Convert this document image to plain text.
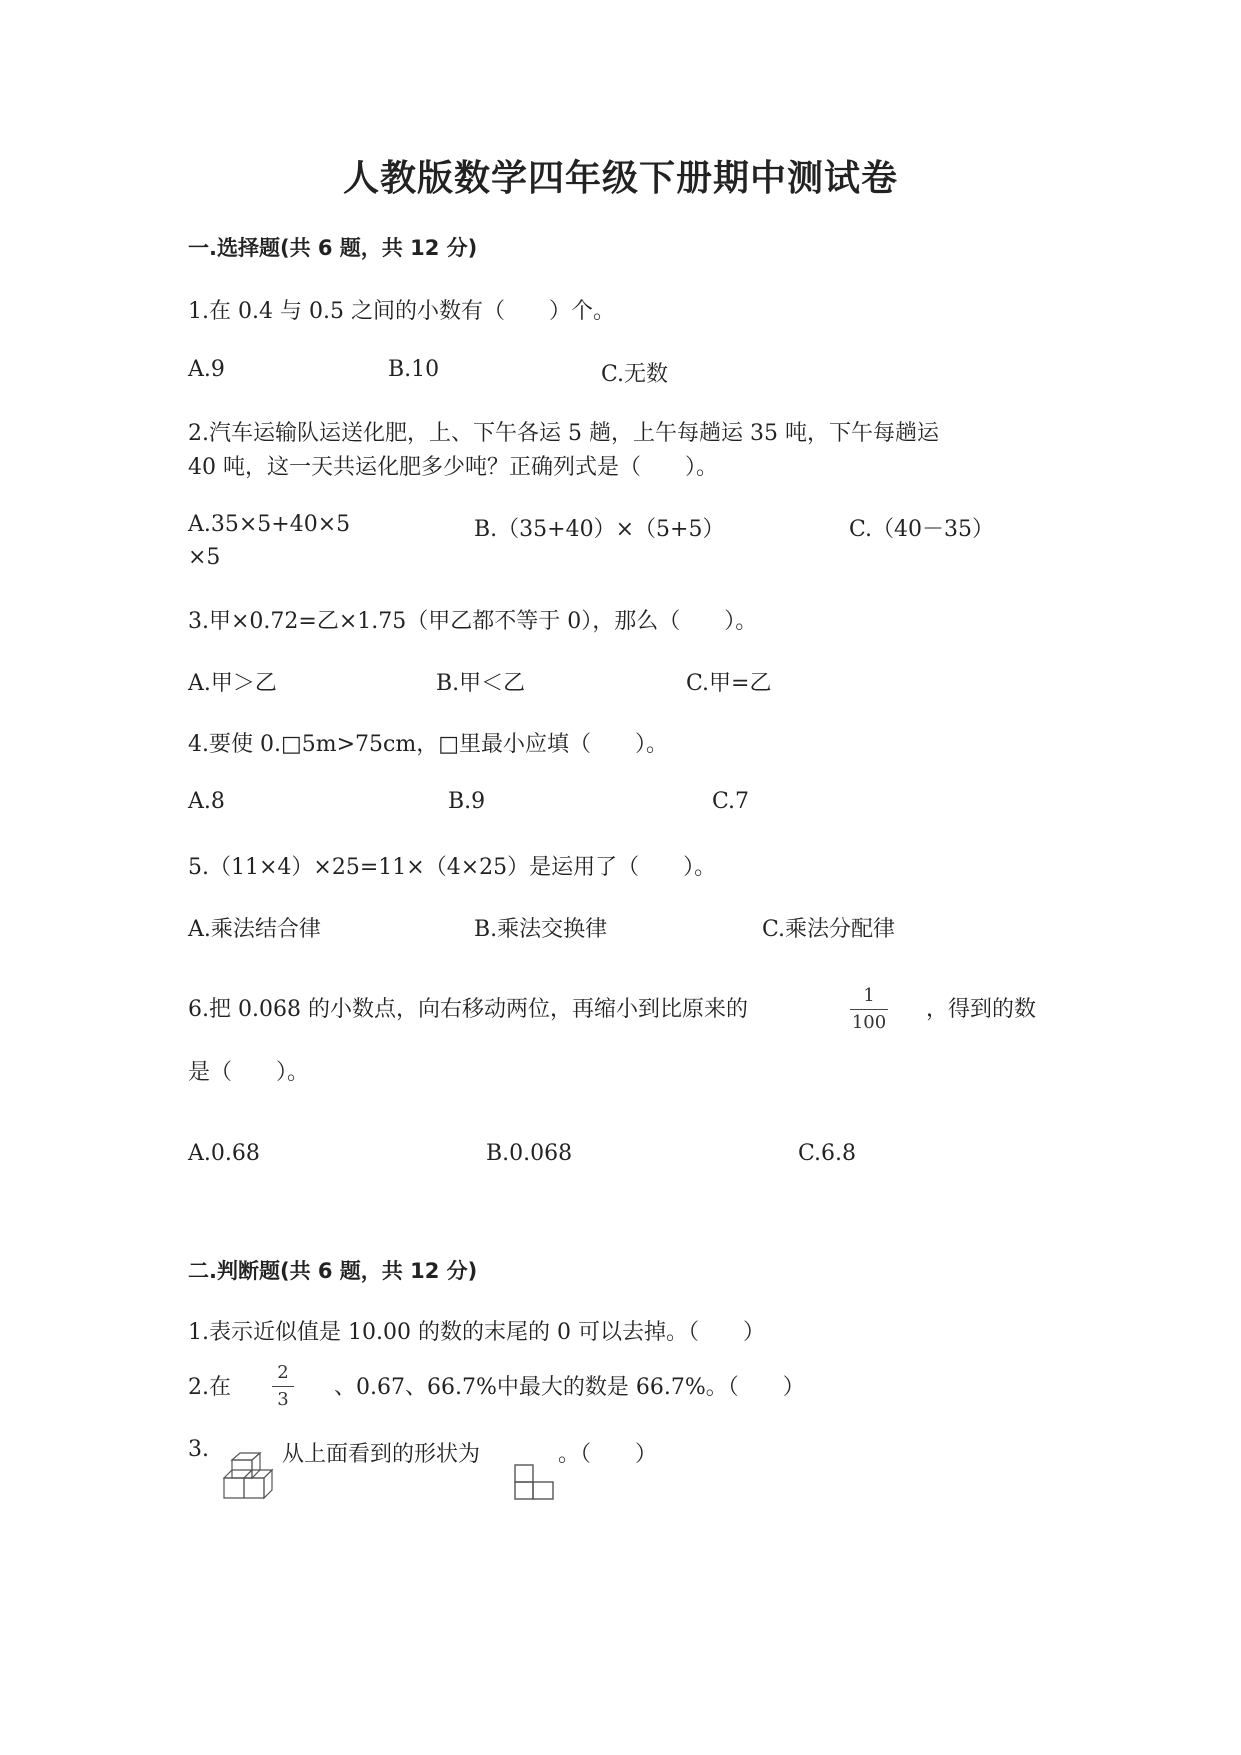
人教版数学四年级下册期中测试卷
一.选择题(共 6 题，共 12 分)
1.在 0.4 与 0.5 之间的小数有（　　）个。
A.9	B.10	C.无数
2.汽车运输队运送化肥，上、下午各运 5 趟，上午每趟运 35 吨，下午每趟运
40 吨，这一天共运化肥多少吨？正确列式是（　　）。
A.35×5+40×5	B.（35+40）×（5+5）	C.（40－35）
×5
3.甲×0.72=乙×1.75（甲乙都不等于 0），那么（　　）。
A.甲＞乙	B.甲＜乙	C.甲=乙
4.要使 0.□5m>75cm，□里最小应填（　　）。
A.8	B.9	C.7
5.（11×4）×25=11×（4×25）是运用了（　　）。
A.乘法结合律	B.乘法交换律	C.乘法分配律
6.把 0.068 的小数点，向右移动两位，再缩小到比原来的
1
100
，得到的数
是（　　）。
A.0.68	B.0.068	C.6.8
二.判断题(共 6 题，共 12 分)
1.表示近似值是 10.00 的数的末尾的 0 可以去掉。（　　）
2.在
2
3 、0.67、66.7%中最大的数是 66.7%。（　　）
3.	从上面看到的形状为	。（　　）
